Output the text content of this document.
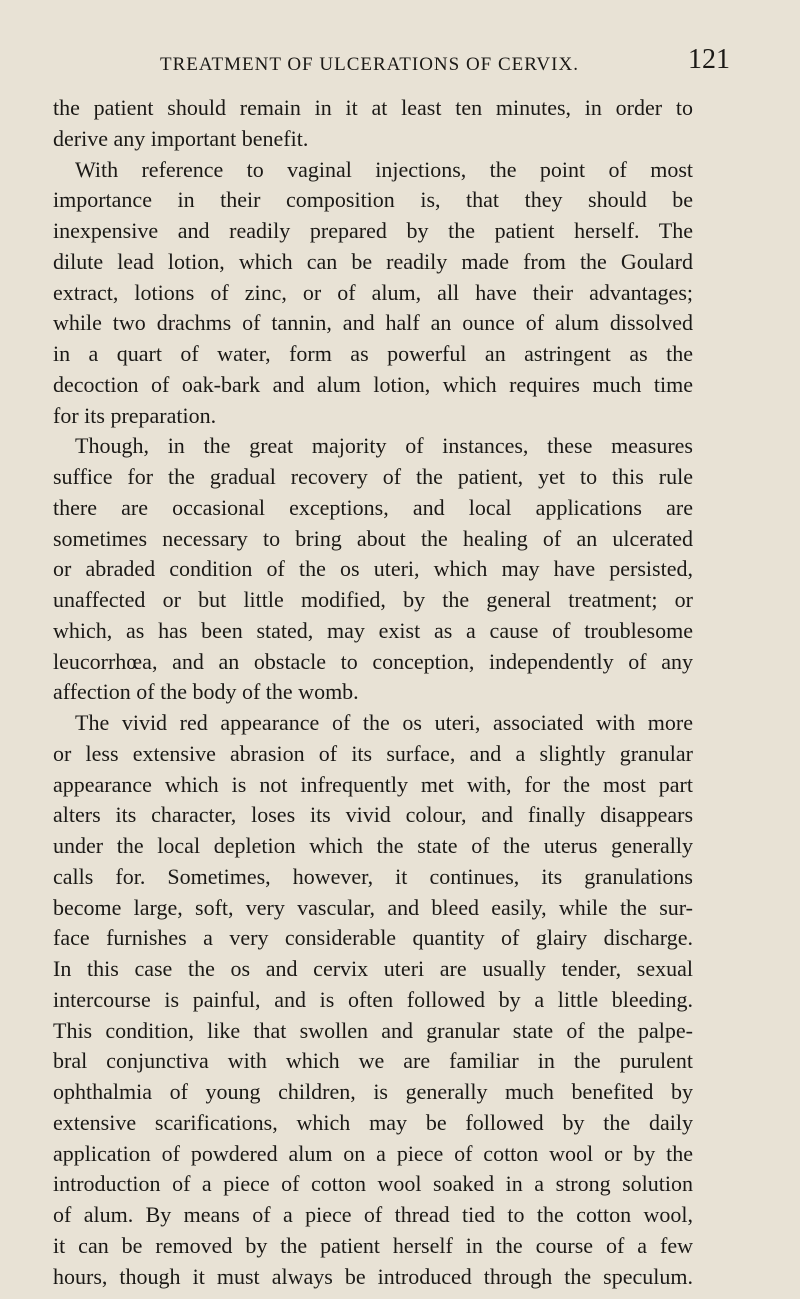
TREATMENT OF ULCERATIONS OF CERVIX.	121
the patient should remain in it at least ten minutes, in order to
derive any important benefit.
With reference to vaginal injections, the point of most
importance in their composition is, that they should be
inexpensive and readily prepared by the patient herself. The
dilute lead lotion, which can be readily made from the Goulard
extract, lotions of zinc, or of alum, all have their advantages;
while two drachms of tannin, and half an ounce of alum dissolved
in a quart of water, form as powerful an astringent as the
decoction of oak-bark and alum lotion, which requires much time
for its preparation.
Though, in the great majority of instances, these measures
suffice for the gradual recovery of the patient, yet to this rule
there are occasional exceptions, and local applications are
sometimes necessary to bring about the healing of an ulcerated
or abraded condition of the os uteri, which may have persisted,
unaffected or but little modified, by the general treatment; or
which, as has been stated, may exist as a cause of troublesome
leucorrhœa, and an obstacle to conception, independently of any
affection of the body of the womb.
The vivid red appearance of the os uteri, associated with more
or less extensive abrasion of its surface, and a slightly granular
appearance which is not infrequently met with, for the most part
alters its character, loses its vivid colour, and finally disappears
under the local depletion which the state of the uterus generally
calls for. Sometimes, however, it continues, its granulations
become large, soft, very vascular, and bleed easily, while the sur-
face furnishes a very considerable quantity of glairy discharge.
In this case the os and cervix uteri are usually tender, sexual
intercourse is painful, and is often followed by a little bleeding.
This condition, like that swollen and granular state of the palpe-
bral conjunctiva with which we are familiar in the purulent
ophthalmia of young children, is generally much benefited by
extensive scarifications, which may be followed by the daily
application of powdered alum on a piece of cotton wool or by the
introduction of a piece of cotton wool soaked in a strong solution
of alum. By means of a piece of thread tied to the cotton wool,
it can be removed by the patient herself in the course of a few
hours, though it must always be introduced through the speculum.
